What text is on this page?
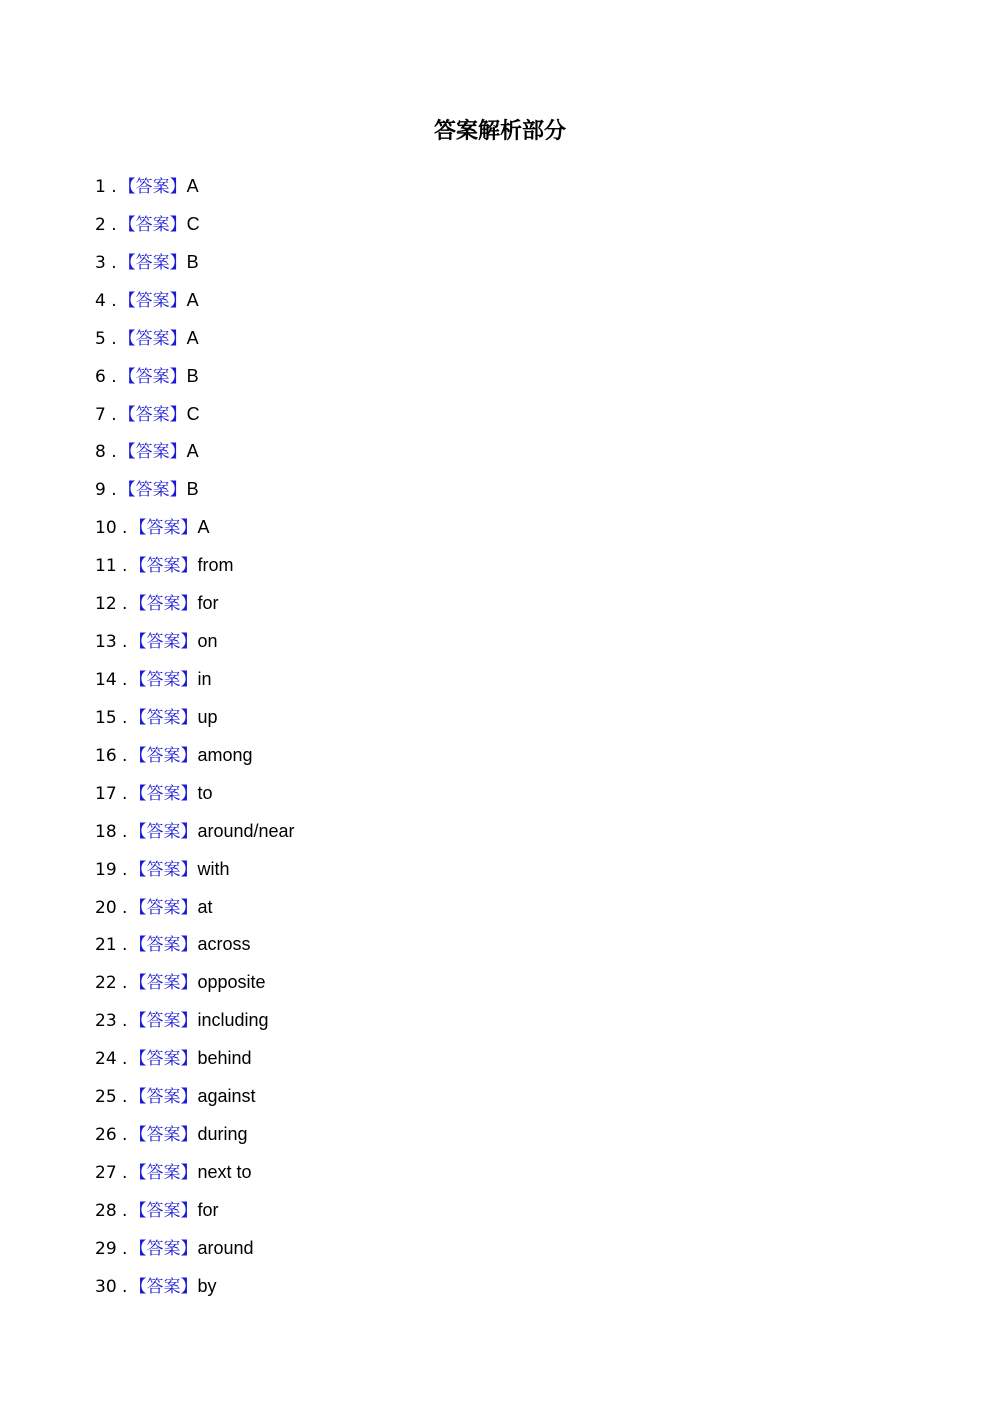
答案解析部分
1 . 【答案】A
2 . 【答案】C
3 . 【答案】B
4 . 【答案】A
5 . 【答案】A
6 . 【答案】B
7 . 【答案】C
8 . 【答案】A
9 . 【答案】B
10 . 【答案】A
11 . 【答案】from
12 . 【答案】for
13 . 【答案】on
14 . 【答案】in
15 . 【答案】up
16 . 【答案】among
17 . 【答案】to
18 . 【答案】around/near
19 . 【答案】with
20 . 【答案】at
21 . 【答案】across
22 . 【答案】opposite
23 . 【答案】including
24 . 【答案】behind
25 . 【答案】against
26 . 【答案】during
27 . 【答案】next to
28 . 【答案】for
29 . 【答案】around
30 . 【答案】by
